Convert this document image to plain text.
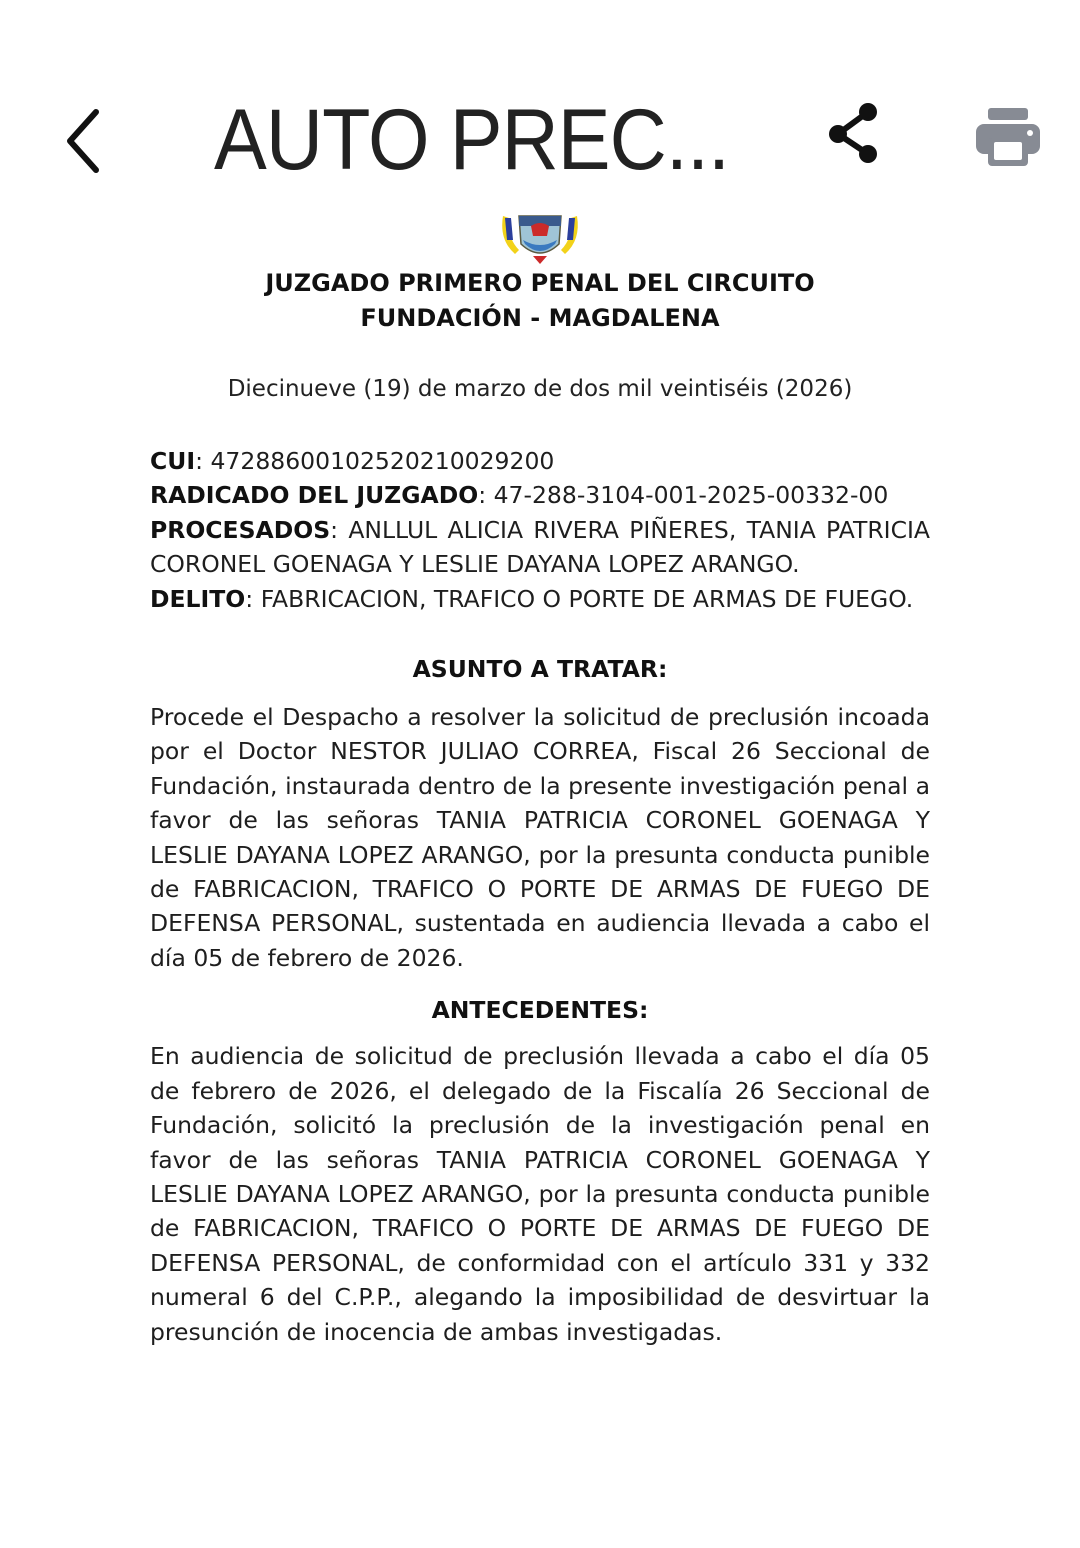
AUTO PREC...
JUZGADO PRIMERO PENAL DEL CIRCUITO
FUNDACIÓN - MAGDALENA
Diecinueve (19) de marzo de dos mil veintiséis (2026)

CUI: 47288600102520210029200

RADICADO DEL JUZGADO: 47-288-3104-001-2025-00332-00

PROCESADOS: ANLLUL ALICIA RIVERA PIÑERES, TANIA PATRICIA CORONEL GOENAGA Y LESLIE DAYANA LOPEZ ARANGO.

DELITO: FABRICACION, TRAFICO O PORTE DE ARMAS DE FUEGO.

ASUNTO A TRATAR:
Procede el Despacho a resolver la solicitud de preclusión incoada por el Doctor NESTOR JULIAO CORREA, Fiscal 26 Seccional de Fundación, instaurada dentro de la presente investigación penal a favor de las señoras TANIA PATRICIA CORONEL GOENAGA Y LESLIE DAYANA LOPEZ ARANGO, por la presunta conducta punible de FABRICACION, TRAFICO O PORTE DE ARMAS DE FUEGO DE DEFENSA PERSONAL, sustentada en audiencia llevada a cabo el día 05 de febrero de 2026.
ANTECEDENTES:
En audiencia de solicitud de preclusión llevada a cabo el día 05 de febrero de 2026, el delegado de la Fiscalía 26 Seccional de Fundación, solicitó la preclusión de la investigación penal en favor de las señoras TANIA PATRICIA CORONEL GOENAGA Y LESLIE DAYANA LOPEZ ARANGO, por la presunta conducta punible de FABRICACION, TRAFICO O PORTE DE ARMAS DE FUEGO DE DEFENSA PERSONAL, de conformidad con el artículo 331 y 332 numeral 6 del C.P.P., alegando la imposibilidad de desvirtuar la presunción de inocencia de ambas investigadas.
